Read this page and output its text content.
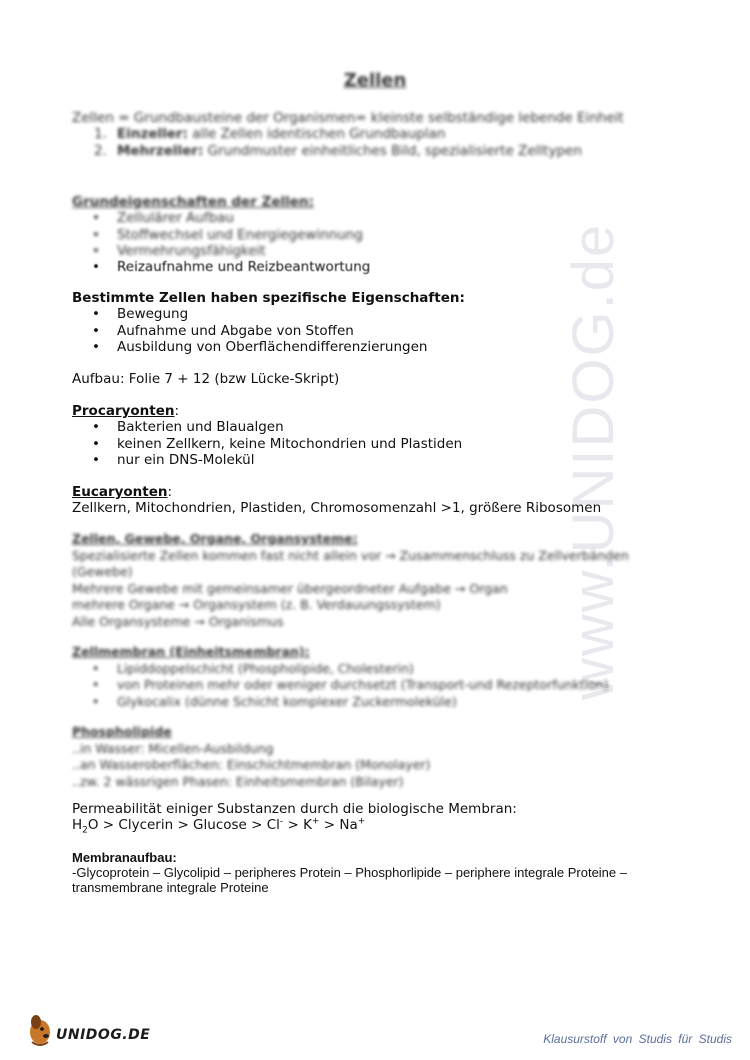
www.UNIDOG.de
Zellen

Zellen = Grundbausteine der Organismen= kleinste selbständige lebende Einheit

1. Einzeller: alle Zellen identischen Grundbauplan
2. Mehrzeller: Grundmuster einheitliches Bild, spezialisierte Zelltypen

Grundeigenschaften der Zellen:

• Zellulärer Aufbau
• Stoffwechsel und Energiegewinnung
• Vermehrungsfähigkeit
• Reizaufnahme und Reizbeantwortung

Bestimmte Zellen haben spezifische Eigenschaften:

• Bewegung
• Aufnahme und Abgabe von Stoffen
• Ausbildung von Oberflächendifferenzierungen

Aufbau: Folie 7 + 12 (bzw Lücke-Skript)

Procaryonten:

• Bakterien und Blaualgen
• keinen Zellkern, keine Mitochondrien und Plastiden
• nur ein DNS-Molekül

Eucaryonten:

Zellkern, Mitochondrien, Plastiden, Chromosomenzahl >1, größere Ribosomen

Zellen, Gewebe, Organe, Organsysteme:

Spezialisierte Zellen kommen fast nicht allein vor → Zusammenschluss zu Zellverbänden (Gewebe)

Mehrere Gewebe mit gemeinsamer übergeordneter Aufgabe → Organ

mehrere Organe → Organsystem (z. B. Verdauungssystem)

Alle Organsysteme → Organismus

Zellmembran (Einheitsmembran):

• Lipiddoppelschicht (Phospholipide, Cholesterin)
• von Proteinen mehr oder weniger durchsetzt (Transport-und Rezeptorfunktion)
• Glykocalix (dünne Schicht komplexer Zuckermoleküle)

Phospholipide

..in Wasser: Micellen-Ausbildung

..an Wasseroberflächen: Einschichtmembran (Monolayer)

..zw. 2 wässrigen Phasen: Einheitsmembran (Bilayer)

Permeabilität einiger Substanzen durch die biologische Membran:

$H_2O$ > Clycerin > Glucose > Cl- > K+ > Na+

Membranaufbau:

-Glycoprotein – Glycolipid – peripheres Protein – Phosphorlipide – periphere integrale Proteine –

transmembrane integrale Proteine

UNIDOG.DE	Klausurstoff von Studis für Studis
